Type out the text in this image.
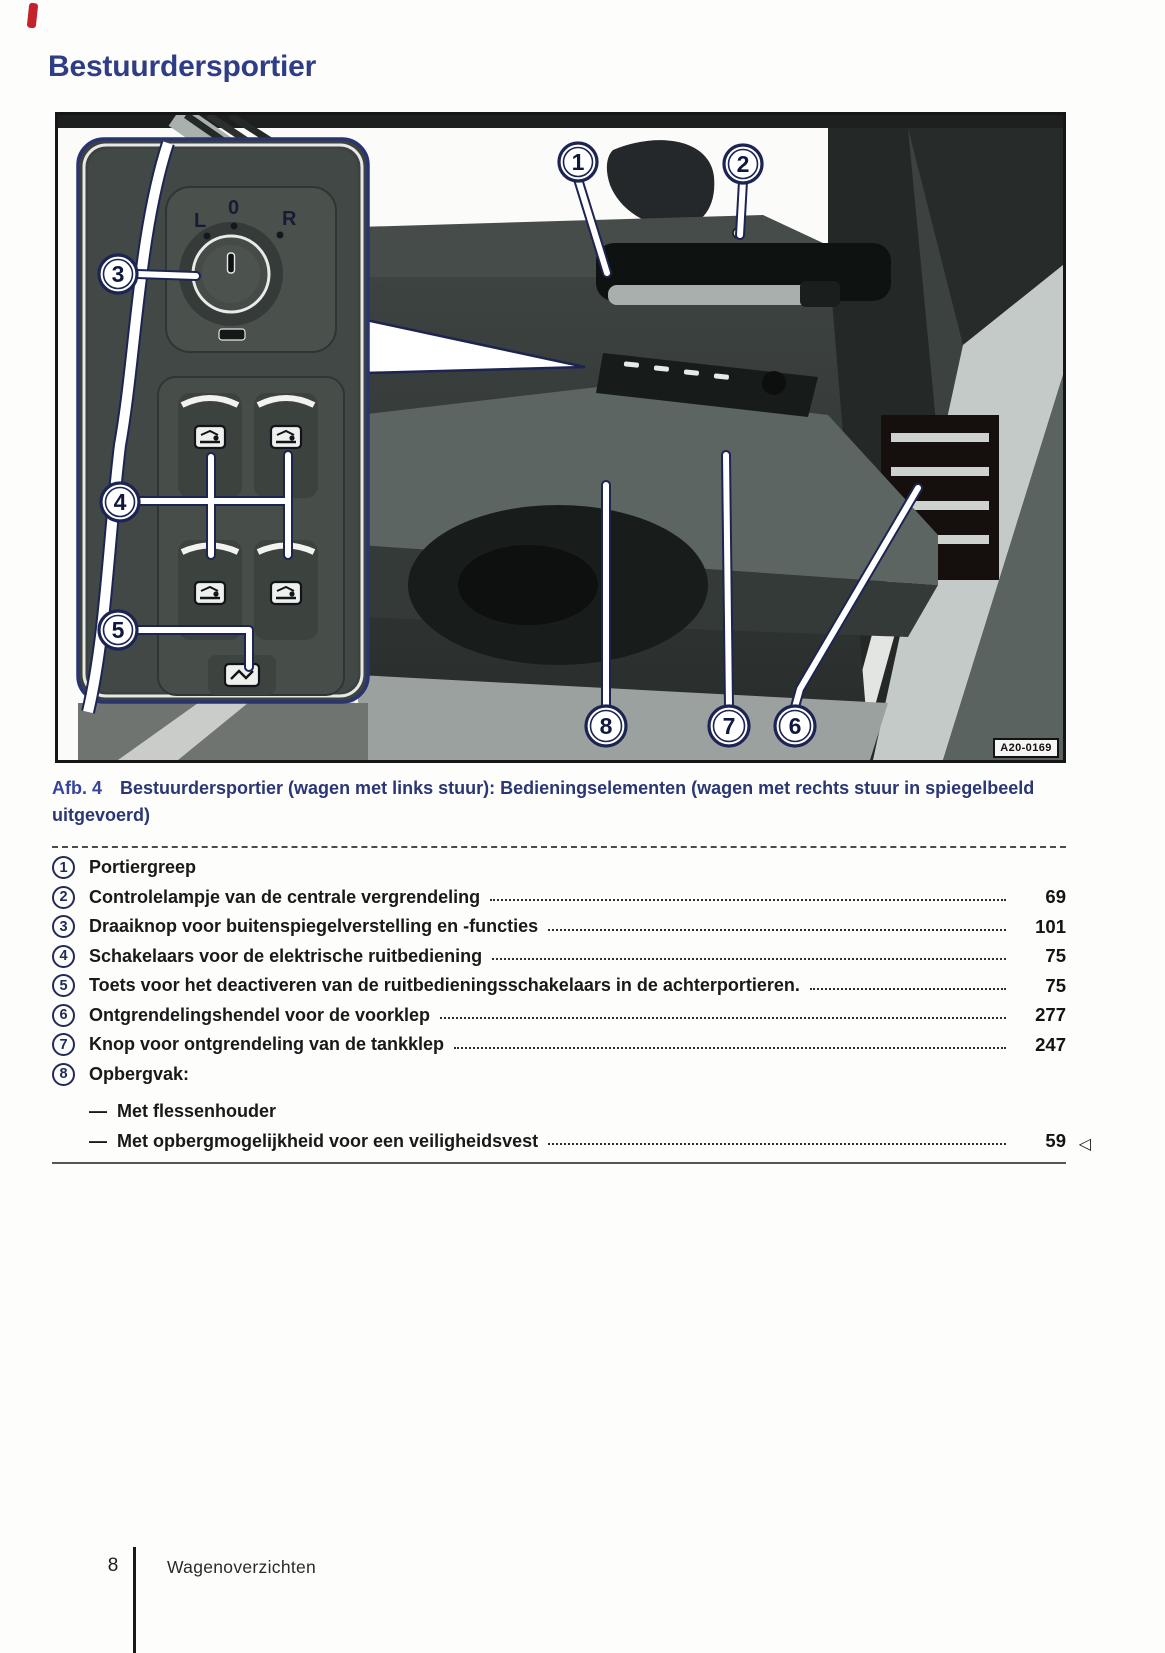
Bestuurdersportier
L
0 R
1	2
3
4
5
8	7 6
A20-0169
Afb. 4 Bestuurdersportier (wagen met links stuur): Bedieningselementen (wagen met rechts stuur in spiegelbeeld uitgevoerd)
1	Portiergreep
2	Controlelampje van de centrale vergrendeling	69
3	Draaiknop voor buitenspiegelverstelling en -functies	101
4	Schakelaars voor de elektrische ruitbediening	75
5	Toets voor het deactiveren van de ruitbedieningsschakelaars in de achterportieren.	75
6	Ontgrendelingshendel voor de voorklep	277
7	Knop voor ontgrendeling van de tankklep	247
8	Opbergvak:
— Met flessenhouder
— Met opbergmogelijkheid voor een veiligheidsvest	59 ◁
8	Wagenoverzichten
